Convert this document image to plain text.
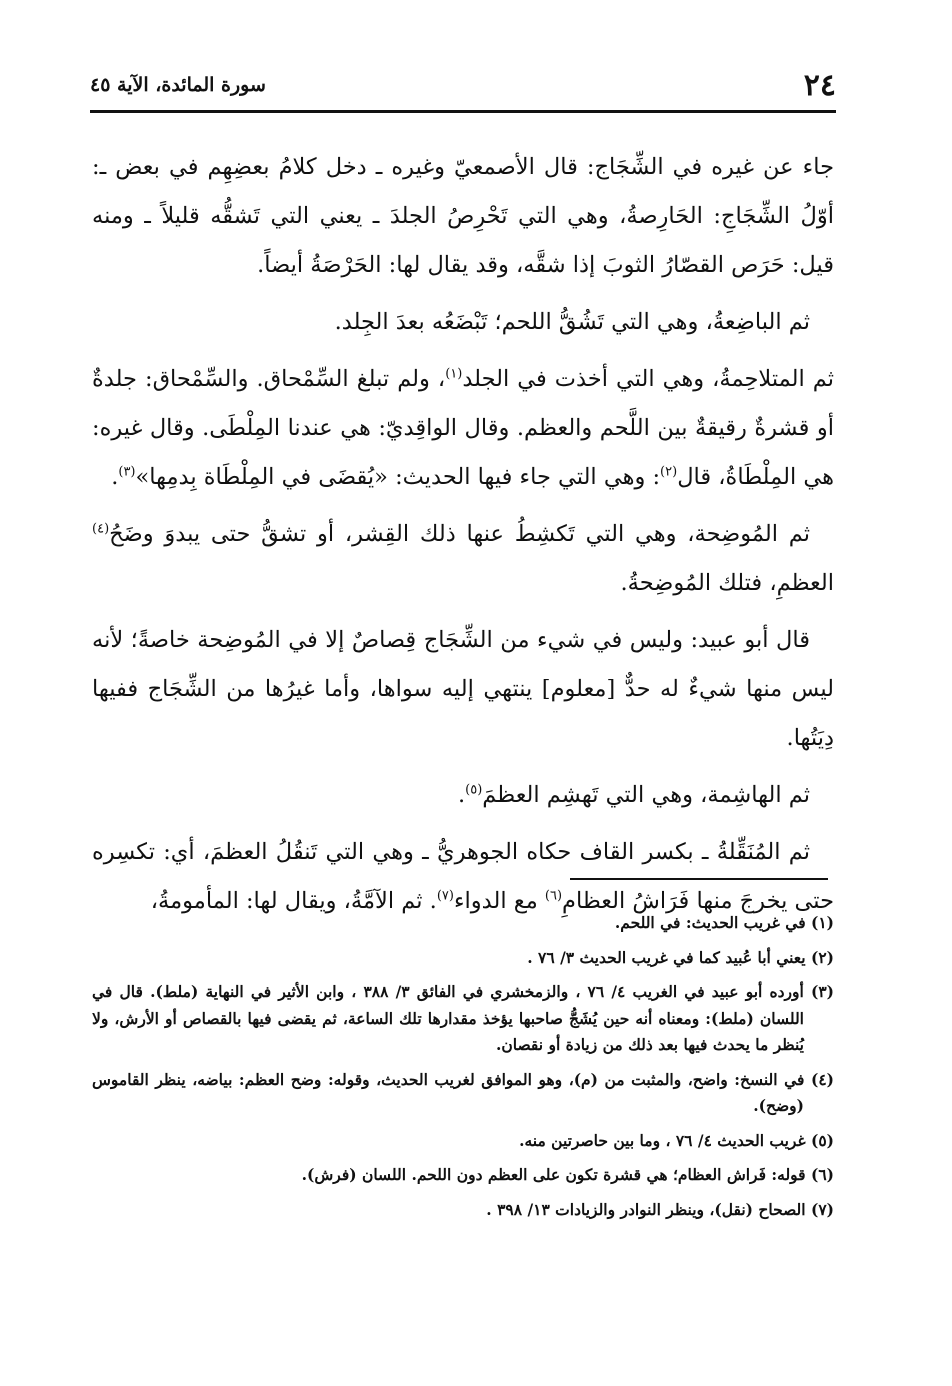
٢٤
سورة المائدة، الآية ٤٥

جاء عن غيره في الشِّجَاج: قال الأصمعيّ وغيره ـ دخل كلامُ بعضِهِم في بعض ـ: أوّلُ الشِّجَاجِ: الحَارِصةُ، وهي التي تَحْرِصُ الجلدَ ـ يعني التي تَشقُّه قليلاً ـ ومنه قيل: حَرَص القصّارُ الثوبَ إذا شقَّه، وقد يقال لها: الحَرْصَةُ أيضاً.

ثم الباضِعةُ، وهي التي تَشُقُّ اللحم؛ تَبْضَعُه بعدَ الجِلد.

ثم المتلاحِمةُ، وهي التي أخذت في الجلد$^{(١)}$، ولم تبلغ السِّمْحاق. والسِّمْحاق: جلدةٌ أو قشرةٌ رقيقةٌ بين اللَّحم والعظم. وقال الواقِديّ: هي عندنا المِلْطَى. وقال غيره: هي المِلْطَاةُ، قال$^{(٢)}$: وهي التي جاء فيها الحديث: «يُقضَى في المِلْطَاة بِدمِها»$^{(٣)}$.

ثم المُوضِحة، وهي التي تَكشِطُ عنها ذلك القِشر، أو تشقُّ حتى يبدوَ وضَحُ$^{(٤)}$ العظمِ، فتلك المُوضِحةُ.

قال أبو عبيد: وليس في شيء من الشِّجَاج قِصاصٌ إلا في المُوضِحة خاصةً؛ لأنه ليس منها شيءٌ له حدٌّ [معلوم] ينتهي إليه سواها، وأما غيرُها من الشِّجَاج ففيها دِيَتُها.

ثم الهاشِمة، وهي التي تَهشِم العظمَ$^{(٥)}$.

ثم المُنَقِّلةُ ـ بكسر القاف حكاه الجوهريُّ ـ وهي التي تَنقُلُ العظمَ، أي: تكسِره حتى يخرجَ منها فَرَاشُ العظامِ$^{(٦)}$ مع الدواء$^{(٧)}$. ثم الآمَّةُ، ويقال لها: المأمومةُ،

(١) في غريب الحديث: في اللحم.
(٢) يعني أبا عُبيد كما في غريب الحديث ٣/ ٧٦ .
(٣) أورده أبو عبيد في الغريب ٤/ ٧٦ ، والزمخشري في الفائق ٣/ ٣٨٨ ، وابن الأثير في النهاية (ملط). قال في اللسان (ملط): ومعناه أنه حين يُشَجُّ صاحبها يؤخذ مقدارها تلك الساعة، ثم يقضى فيها بالقصاص أو الأرش، ولا يُنظر ما يحدث فيها بعد ذلك من زيادة أو نقصان.
(٤) في النسخ: واضح، والمثبت من (م)، وهو الموافق لغريب الحديث، وقوله: وضح العظم: بياضه، ينظر القاموس (وضح).
(٥) غريب الحديث ٤/ ٧٦ ، وما بين حاصرتين منه.
(٦) قوله: فَراش العظام؛ هي قشرة تكون على العظم دون اللحم. اللسان (فرش).
(٧) الصحاح (نقل)، وينظر النوادر والزيادات ١٣/ ٣٩٨ .
